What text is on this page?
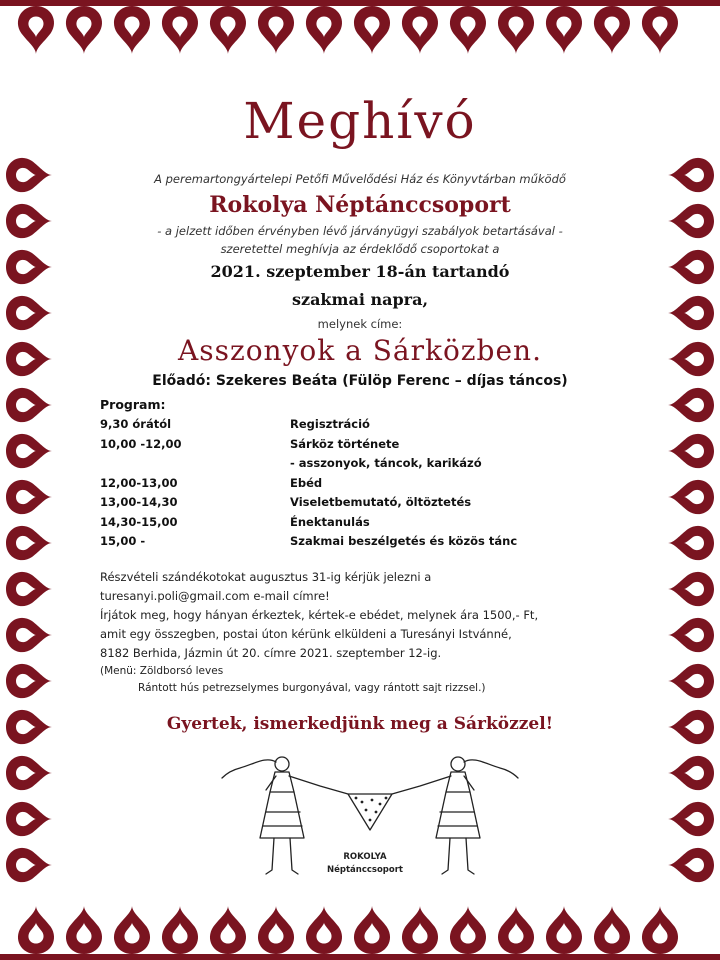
Meghívó
A peremartongyártelepi Petőfi Művelődési Ház és Könyvtárban működő
Rokolya Néptánccsoport
- a jelzett időben érvényben lévő járványügyi szabályok betartásával -
szeretettel meghívja az érdeklődő csoportokat a
2021. szeptember 18-án tartandó
szakmai napra,
melynek címe:
Asszonyok a Sárközben.
Előadó: Szekeres Beáta (Fülöp Ferenc – díjas táncos)
Program:
9,30 órától	Regisztráció
10,00 -12,00	Sárköz története
- asszonyok, táncok, karikázó
12,00-13,00	Ebéd
13,00-14,30	Viseletbemutató, öltöztetés
14,30-15,00	Énektanulás
15,00 -	Szakmai beszélgetés és közös tánc
Részvételi szándékotokat augusztus 31-ig kérjük jelezni a
turesanyi.poli@gmail.com e-mail címre!
Írjátok meg, hogy hányan érkeztek, kértek-e ebédet, melynek ára 1500,- Ft,
amit egy összegben, postai úton kérünk elküldeni a Turesányi Istvánné,
8182 Berhida, Jázmin út 20. címre 2021. szeptember 12-ig.
(Menü: Zöldborsó leves
Rántott hús petrezselymes burgonyával, vagy rántott sajt rizzsel.)
Gyertek, ismerkedjünk meg a Sárközzel!
ROKOLYA
Néptánccsoport
